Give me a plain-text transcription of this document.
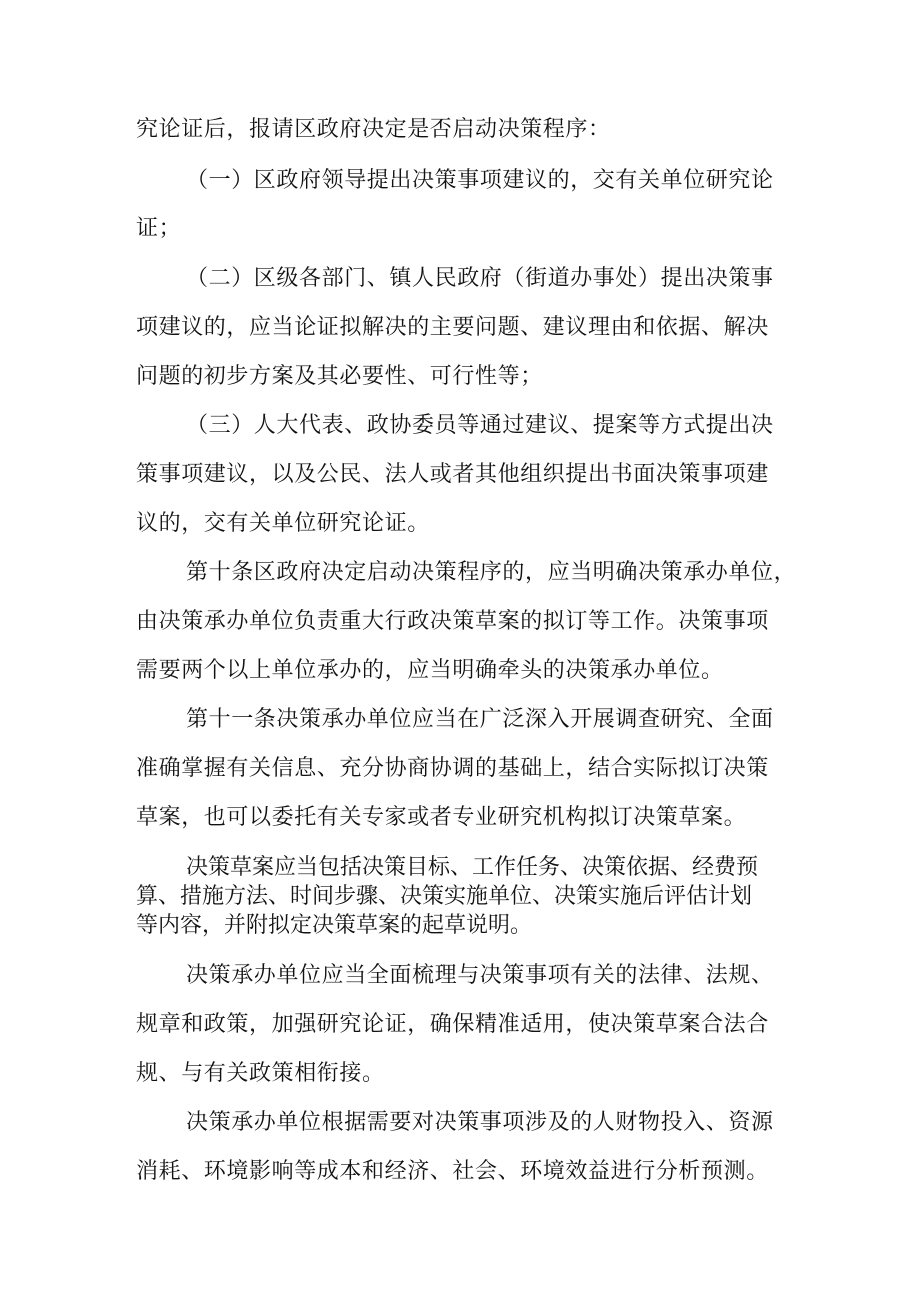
究论证后，报请区政府决定是否启动决策程序：
（一）区政府领导提出决策事项建议的，交有关单位研究论
证；
（二）区级各部门、镇人民政府（街道办事处）提出决策事
项建议的，应当论证拟解决的主要问题、建议理由和依据、解决
问题的初步方案及其必要性、可行性等；
（三）人大代表、政协委员等通过建议、提案等方式提出决
策事项建议，以及公民、法人或者其他组织提出书面决策事项建
议的，交有关单位研究论证。
第十条区政府决定启动决策程序的，应当明确决策承办单位，
由决策承办单位负责重大行政决策草案的拟订等工作。决策事项
需要两个以上单位承办的，应当明确牵头的决策承办单位。
第十一条决策承办单位应当在广泛深入开展调查研究、全面
准确掌握有关信息、充分协商协调的基础上，结合实际拟订决策
草案，也可以委托有关专家或者专业研究机构拟订决策草案。
决策草案应当包括决策目标、工作任务、决策依据、经费预
算、措施方法、时间步骤、决策实施单位、决策实施后评估计划
等内容，并附拟定决策草案的起草说明。
决策承办单位应当全面梳理与决策事项有关的法律、法规、
规章和政策，加强研究论证，确保精准适用，使决策草案合法合
规、与有关政策相衔接。
决策承办单位根据需要对决策事项涉及的人财物投入、资源
消耗、环境影响等成本和经济、社会、环境效益进行分析预测。
